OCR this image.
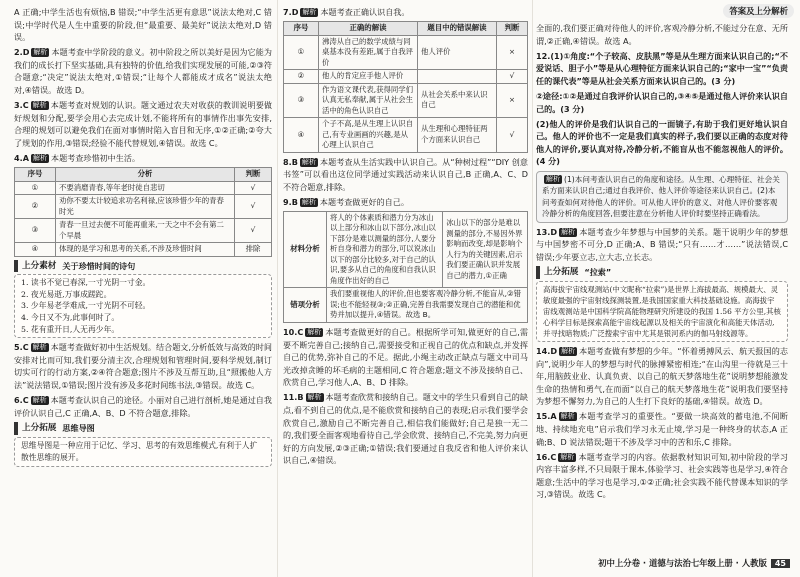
答案及上分解析

A 正确;中学生活也有烦恼,B 错误;“中学生活更有意思”说法太绝对,C 错误;中学时代是人生中重要的阶段,但“最重要、最美好”说法太绝对,D 错误。

2.D 解析 本题考查中学阶段的意义。初中阶段之所以美好是因为它能为我们的成长打下坚实基础,具有独特的价值,给我们实现发展的可能,②③符合题意;“决定”说法太绝对,①错误;“让每个人都能成才成名”说法太绝对,④错误。故选 D。

3.C 解析 本题考查对规划的认识。题文通过农夫对收获的教训说明要做好规划和分配,要学会用心去完成计划,不能将所有的事情作出事先安排,合理的规划可以避免我们在面对事情时陷入盲目和无序,①②正确;②夸大了规划的作用,③错误;经验不能代替规划,④错误。故选 C。

4.A 解析 本题考查珍惜初中生活。

序号	分析	判断
①	不要消磨青春,等年老时徒自悲切	√
②	劝你不要太计较追求功名利禄,应该珍惜少年的青春时光	√
③	青春一旦过去便不可能再重来,一天之中不会有第二个早晨	√
④	体现的是学习和思考的关系,不涉及珍惜时间	排除
上分素材 关于珍惜时间的诗句
1. 读书不觉已春深,一寸光阴一寸金。
2. 夜光易逝,万事成蹉跎。
3. 少年易老学难成,一寸光阴不可轻。
4. 今日又不为,此事何时了。
5. 花有重开日,人无再少年。

5.C 解析 本题考查做好初中生活规划。结合题文,分析低效与高效的时间安排对比而可知,我们要分清主次,合理规划和管理时间,要科学规划,制订切实可行的行动方案,②④符合题意;图片不涉及互帮互助,且“照搬他人方法”说法错误,①错误;图片没有涉及多花时间练书法,③错误。故选 C。

6.C 解析 本题考查认识自己的途径。小丽对自己进行剖析,她是通过自我评价认识自己,C 正确,A、B、D 不符合题意,排除。

上分拓展 思维导图
思维导图是一种应用于记忆、学习、思考的有效思维模式,有利于人扩散性思维的展开。

7.D 解析 本题考查正确认识自我。

序号	正确的解读	题目中的错误解读	判断
①	沸涛从自己的数学成绩与同桌基本没有差距,属于自我评价	他人评价	×
②	他人的肯定应手他人评价		√
③	作为语文课代表,获得同学们认真无私奉献,属于从社会生活中的角色认识自己	从社会关系中来认识自己	×
④	个子不高,是从生理上认识自己,有专业画画的兴趣,是从心理上认识自己	从生理和心理特征两个方面来认识自己	√

8.B 解析 本题考查从生活实践中认识自己。从“种树过程”“DIY 创意书签”可以看出这位同学通过实践活动来认识自己,B 正确,A、C、D 不符合题意,排除。

9.B 解析 本题考查做更好的自己。

材料分析	将人的个体素质和潜力分为冰山以上部分和冰山以下部分,冰山以下部分是难以测量的部分,人要分析自身和潜力的部分,可以说冰山以下的部分比较多,对于自己的认识,要多从自己的角度和自我认识角度作出好的自己	冰山以下的部分是难以测量的部分,不易因外界影响而改变,却是影响个人行为的关键因素,启示我们要正确认识并发展自己的潜力,①正确
错项分析	我们要重视他人的评价,但也要客观冷静分析,不能盲从,②错误;也不能轻视③;②正确,完善自我需要发现自己的潜能和优势并加以提升,④错误。故选 B。	

10.C 解析 本题考查做更好的自己。根据所学可知,做更好的自己,需要不断完善自己;接纳自己,需要接受和正视自己的优点和缺点,并发挥自己的优势,弥补自己的不足。据此,小绳主动改正缺点与题文中司马光改掉贪睡的坏毛病的主题相同,C 符合题意;题文不涉及接纳自己、欣赏自己,学习他人,A、B、D 排除。

11.B 解析 本题考查欣赏和接纳自己。题文中的学生只看到自己的缺点,看不到自己的优点,是不能欣赏和接纳自己的表现;启示我们要学会欣赏自己,激励自己不断完善自己,相信我们能做好;自己是独一无二的,我们要全面客观地看待自己,学会欣赏、接纳自己,不完美,努力向更好的方向发展,②③正确;①错误;我们要通过自我反省和他人评价来认识自己,④错误。

全面的,我们要正确对待他人的评价,客观冷静分析,不能过分在意、无所谓,②正确,④错误。故选 A。

12.(1)①角度:“个子较高、皮肤黑”等是从生理方面来认识自己的;“不爱说话、胆子小”等是从心理特征方面来认识自己的;“家中一宝”“负责任的课代表”等是从社会关系方面来认识自己的。(3 分)

②途径:①②是通过自我评价认识自己的,③④⑤是通过他人评价来认识自己的。(3 分)

(2)他人的评价是我们认识自己的一面镜子,有助于我们更好地认识自己。他人的评价也不一定是我们真实的样子,我们要以正确的态度对待他人的评价,要认真对待,冷静分析,不能盲从也不能忽视他人的评价。(4 分)

解析 (1)本问考查认识自己的角度和途径。从生理、心理特征、社会关系方面来认识自己;通过自我评价、他人评价等途径来认识自己。(2)本问考查如何对待他人的评价。可从他人评价的意义、对他人评价要客观冷静分析的角度回答,但要注意在分析他人评价时要坚持正确看法。

13.D 解析 本题考查少年梦想与中国梦的关系。题干说明少年的梦想与中国梦密不可分,D 正确;A、B 错误;“只有……才……”说法错误,C 错误;少年要立志,立大志,立长志。

上分拓展 “拉索”
高海拔宇宙线观测站(中文昵称“拉索”)是世界上海拔最高、规模最大、灵敏度最强的宇宙射线探测装置,是我国国家重大科技基础设施。高海拔宇宙线观测站是中国科学院高能物理研究所建设的我国 1.56 平方公里,其核心科学目标是探索高能宇宙线起源以及相关的宇宙演化和高能天体活动,并寻找暗物质;广泛搜索宇宙中尤其是银河系内的伽马射线源等。

14.D 解析 本题考查做有梦想的少年。“怀着勇搏风云、航天报国的志向”,说明少年人的梦想与时代的脉搏紧密相连;“在山沟里一待就是三十年,用脑鼓业业、认真负责、以自己的航天梦落地生花”说明梦想能激发生命的热情和勇气,在而面“以自己的航天梦落地生花”说明我们要坚持为梦想不懈努力,为自己的人生打下良好的基础,④错误。故选 D。

15.A 解析 本题考查学习的重要性。“要做一块高效的蓄电池,不间断地、持续地充电”启示我们学习永无止境,学习是一种终身的状态,A 正确;B、D 说法错误;题干不涉及学习中的苦和乐,C 排除。

16.C 解析 本题考查学习的内容。依据教材知识可知,初中阶段的学习内容丰富多样,不只局限于课本,体验学习、社会实践等也是学习,④符合题意;生活中的学习也是学习,①②正确;社会实践不能代替课本知识的学习,③错误。故选 C。

初中上分卷 · 道德与法治七年级上册 · 人教版	45
